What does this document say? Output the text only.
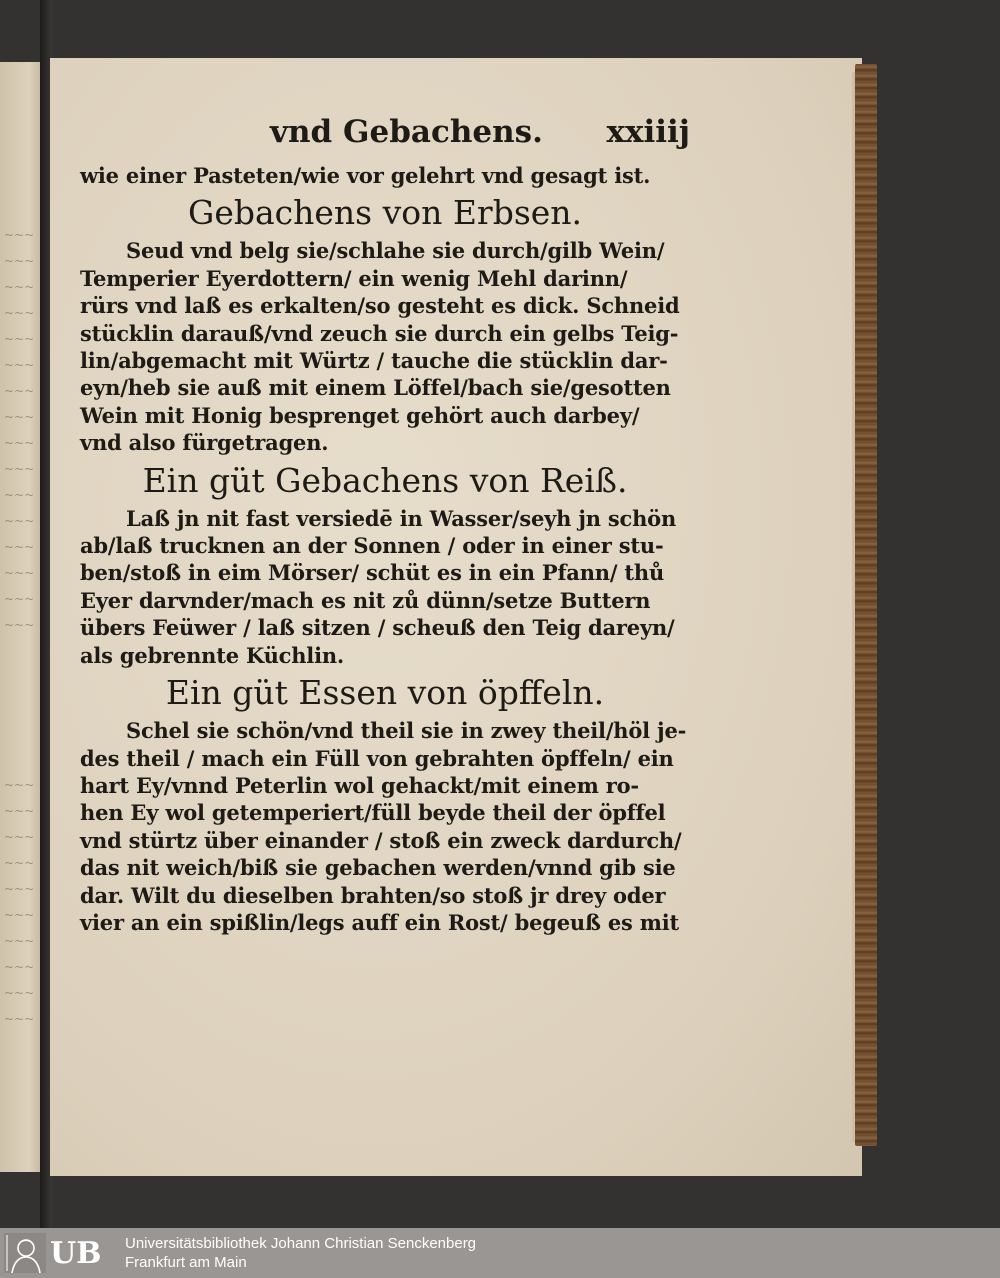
~~~
~~~
~~~
~~~
~~~
~~~
~~~
~~~
~~~
~~~
~~~
~~~
~~~
~~~
~~~
~~~
~~~
~~~
~~~
~~~
~~~
~~~
~~~
~~~
~~~
~~~
vnd Gebachens. xxiiij
wie einer Pasteten/wie vor gelehrt vnd gesagt ist.
Gebachens von Erbsen.
Seud vnd belg sie/schlahe sie durch/gilb Wein/
Temperier Eyerdottern/ ein wenig Mehl darinn/
rürs vnd laß es erkalten/so gesteht es dick. Schneid
stücklin darauß/vnd zeuch sie durch ein gelbs Teig-
lin/abgemacht mit Würtz / tauche die stücklin dar-
eyn/heb sie auß mit einem Löffel/bach sie/gesotten
Wein mit Honig besprenget gehört auch darbey/
vnd also fürgetragen.
Ein güt Gebachens von Reiß.
Laß jn nit fast versiedē in Wasser/seyh jn schön
ab/laß trucknen an der Sonnen / oder in einer stu-
ben/stoß in eim Mörser/ schüt es in ein Pfann/ thů
Eyer darvnder/mach es nit zů dünn/setze Buttern
übers Feüwer / laß sitzen / scheuß den Teig dareyn/
als gebrennte Küchlin.
Ein güt Essen von öpffeln.
Schel sie schön/vnd theil sie in zwey theil/höl je-
des theil / mach ein Füll von gebrahten öpffeln/ ein
hart Ey/vnnd Peterlin wol gehackt/mit einem ro-
hen Ey wol getemperiert/füll beyde theil der öpffel
vnd stürtz über einander / stoß ein zweck dardurch/
das nit weich/biß sie gebachen werden/vnnd gib sie
dar. Wilt du dieselben brahten/so stoß jr drey oder
vier an ein spißlin/legs auff ein Rost/ begeuß es mit
UB Universitätsbibliothek Johann Christian Senckenberg
Frankfurt am Main
